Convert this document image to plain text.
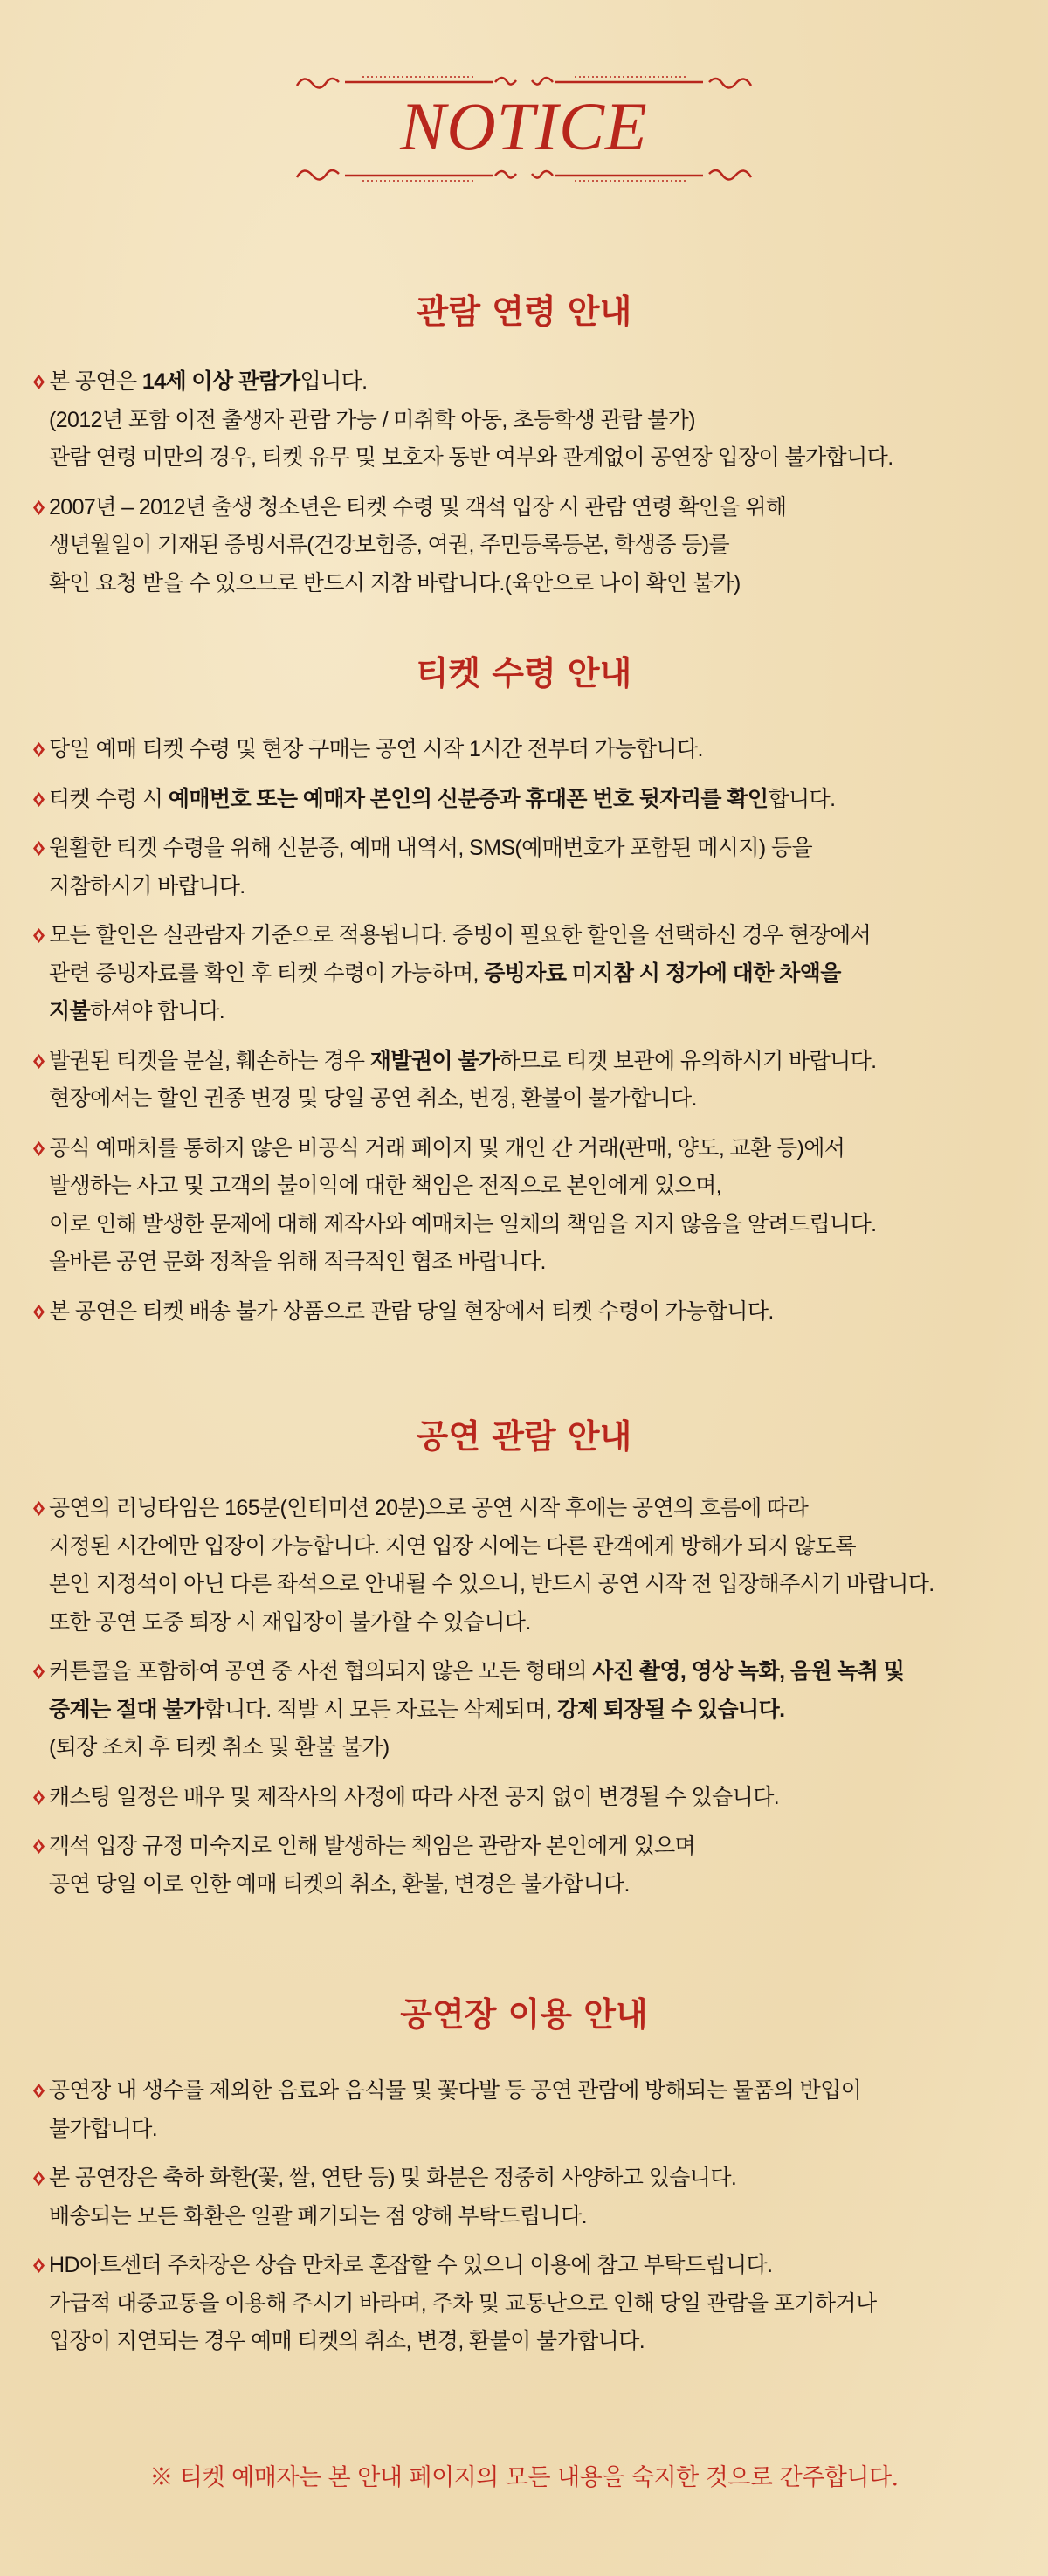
NOTICE
관람 연령 안내
본 공연은 14세 이상 관람가입니다.
(2012년 포함 이전 출생자 관람 가능 / 미취학 아동, 초등학생 관람 불가)
관람 연령 미만의 경우, 티켓 유무 및 보호자 동반 여부와 관계없이 공연장 입장이 불가합니다.
2007년 – 2012년 출생 청소년은 티켓 수령 및 객석 입장 시 관람 연령 확인을 위해
생년월일이 기재된 증빙서류(건강보험증, 여권, 주민등록등본, 학생증 등)를
확인 요청 받을 수 있으므로 반드시 지참 바랍니다.(육안으로 나이 확인 불가)
티켓 수령 안내
당일 예매 티켓 수령 및 현장 구매는 공연 시작 1시간 전부터 가능합니다.
티켓 수령 시 예매번호 또는 예매자 본인의 신분증과 휴대폰 번호 뒷자리를 확인합니다.
원활한 티켓 수령을 위해 신분증, 예매 내역서, SMS(예매번호가 포함된 메시지) 등을
지참하시기 바랍니다.
모든 할인은 실관람자 기준으로 적용됩니다. 증빙이 필요한 할인을 선택하신 경우 현장에서
관련 증빙자료를 확인 후 티켓 수령이 가능하며, 증빙자료 미지참 시 정가에 대한 차액을
지불하셔야 합니다.
발권된 티켓을 분실, 훼손하는 경우 재발권이 불가하므로 티켓 보관에 유의하시기 바랍니다.
현장에서는 할인 권종 변경 및 당일 공연 취소, 변경, 환불이 불가합니다.
공식 예매처를 통하지 않은 비공식 거래 페이지 및 개인 간 거래(판매, 양도, 교환 등)에서
발생하는 사고 및 고객의 불이익에 대한 책임은 전적으로 본인에게 있으며,
이로 인해 발생한 문제에 대해 제작사와 예매처는 일체의 책임을 지지 않음을 알려드립니다.
올바른 공연 문화 정착을 위해 적극적인 협조 바랍니다.
본 공연은 티켓 배송 불가 상품으로 관람 당일 현장에서 티켓 수령이 가능합니다.
공연 관람 안내
공연의 러닝타임은 165분(인터미션 20분)으로 공연 시작 후에는 공연의 흐름에 따라
지정된 시간에만 입장이 가능합니다. 지연 입장 시에는 다른 관객에게 방해가 되지 않도록
본인 지정석이 아닌 다른 좌석으로 안내될 수 있으니, 반드시 공연 시작 전 입장해주시기 바랍니다.
또한 공연 도중 퇴장 시 재입장이 불가할 수 있습니다.
커튼콜을 포함하여 공연 중 사전 협의되지 않은 모든 형태의 사진 촬영, 영상 녹화, 음원 녹취 및
중계는 절대 불가합니다. 적발 시 모든 자료는 삭제되며, 강제 퇴장될 수 있습니다.
(퇴장 조치 후 티켓 취소 및 환불 불가)
캐스팅 일정은 배우 및 제작사의 사정에 따라 사전 공지 없이 변경될 수 있습니다.
객석 입장 규정 미숙지로 인해 발생하는 책임은 관람자 본인에게 있으며
공연 당일 이로 인한 예매 티켓의 취소, 환불, 변경은 불가합니다.
공연장 이용 안내
공연장 내 생수를 제외한 음료와 음식물 및 꽃다발 등 공연 관람에 방해되는 물품의 반입이
불가합니다.
본 공연장은 축하 화환(꽃, 쌀, 연탄 등) 및 화분은 정중히 사양하고 있습니다.
배송되는 모든 화환은 일괄 폐기되는 점 양해 부탁드립니다.
HD아트센터 주차장은 상습 만차로 혼잡할 수 있으니 이용에 참고 부탁드립니다.
가급적 대중교통을 이용해 주시기 바라며, 주차 및 교통난으로 인해 당일 관람을 포기하거나
입장이 지연되는 경우 예매 티켓의 취소, 변경, 환불이 불가합니다.
※ 티켓 예매자는 본 안내 페이지의 모든 내용을 숙지한 것으로 간주합니다.
